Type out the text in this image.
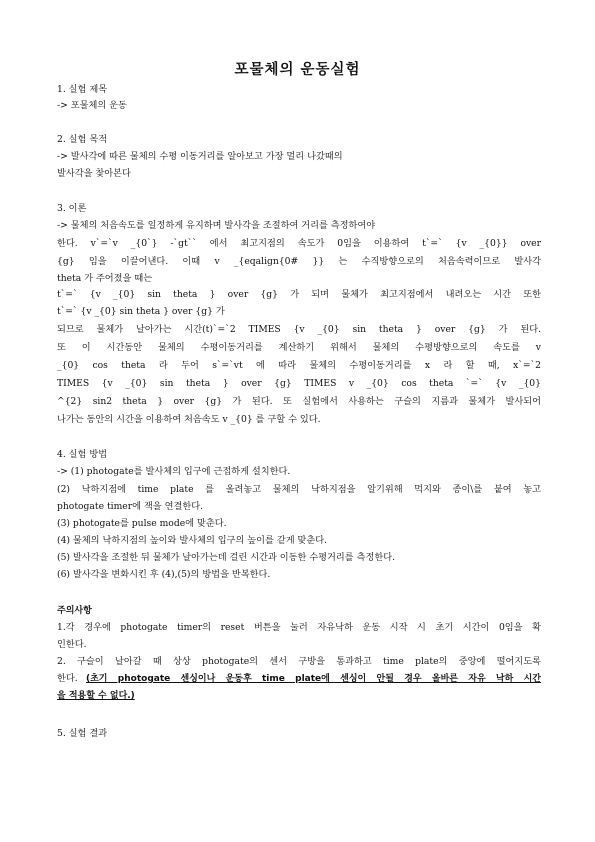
포물체의 운동실험
1. 실험 제목
-> 포물체의 운동
2. 실험 목적
-> 발사각에 따른 물체의 수평 이동거리를 알아보고 가장 멀리 나갔때의
발사각을 찾아본다
3. 이론
-> 물체의 처음속도를 일정하게 유지하며 발사각을 조절하여 거리를 측정하여야
한다. v`=`v _{0`} -`gt`` 에서 최고지점의 속도가 0임을 이용하여 t`=` {v _{0}} over
{g} 임을 이끌어낸다. 이때 v _{eqalign{0# }} 는 수직방향으로의 처음속력이므로 발사각
theta 가 주어졌을 때는
t`=` {v _{0} sin theta } over {g} 가 되며 물체가 최고지점에서 내려오는 시간 또한
t`=` {v _{0} sin theta } over {g} 가
되므로 물체가 날아가는 시간(t)`=`2 TIMES {v _{0} sin theta } over {g} 가 된다.
또 이 시간동안 물체의 수평이동거리를 계산하기 위해서 물체의 수평방향으로의 속도를 v
_{0} cos theta 라 두어 s`=`vt 에 따라 물체의 수평이동거리를 x 라 할 때, x`=`2
TIMES {v _{0} sin theta } over {g} TIMES v _{0} cos theta `=` {v _{0}
^{2} sin2 theta } over {g} 가 된다. 또 실험에서 사용하는 구슬의 지름과 물체가 발사되어
나가는 동안의 시간을 이용하여 처음속도 v _{0} 를 구할 수 있다.
4. 실험 방법
-> (1) photogate를 발사체의 입구에 근접하게 설치한다.
(2) 낙하지점에 time plate 를 올려놓고 물체의 낙하지점을 알기위해 먹지와 종이\를 붙여 놓고
photogate timer에 잭을 연결한다.
(3) photogate를 pulse mode에 맞춘다.
(4) 물체의 낙하지점의 높이와 발사체의 입구의 높이를 같게 맞춘다.
(5) 발사각을 조절한 뒤 물체가 날아가는데 걸린 시간과 이동한 수평거리를 측정한다.
(6) 발사각을 변화시킨 후 (4),(5)의 방법을 반복한다.
주의사항
1.각 경우에 photogate timer의 reset 버튼을 눌러 자유낙하 운동 시작 시 초기 시간이 0임을 확
인한다.
2. 구슬이 날아갈 때 상상 photogate의 센서 구방을 통과하고 time plate의 중앙에 떨어지도록
한다. (초기 photogate 센싱이나 운동후 time plate에 센싱이 안될 경우 올바른 자유 낙하 시간
을 적용할 수 없다.)
5. 실험 결과
